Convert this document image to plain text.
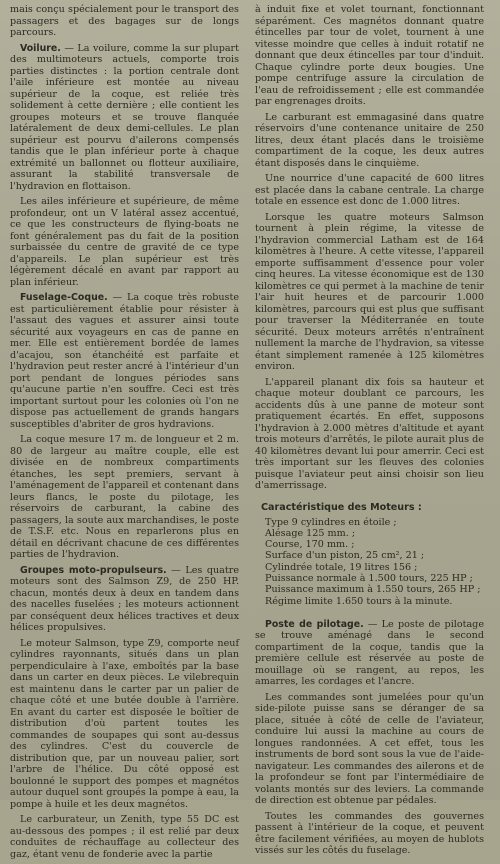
mais conçu spécialement pour le transport des passagers et des bagages sur de longs parcours.

Voilure. — La voilure, comme la sur plupart des multimoteurs actuels, comporte trois parties distinctes : la portion centrale dont l'aile inférieure est montée au niveau supérieur de la coque, est reliée très solidement à cette dernière ; elle contient les groupes moteurs et se trouve flanquée latéralement de deux demi-cellules. Le plan supérieur est pourvu d'ailerons compensés tandis que le plan inférieur porte à chaque extrémité un ballonnet ou flotteur auxiliaire, assurant la stabilité transversale de l'hydravion en flottaison.

Les ailes inférieure et supérieure, de même profondeur, ont un V latéral assez accentué, ce que les constructeurs de flying-boats ne font généralement pas du fait de la position surbaissée du centre de gravité de ce type d'appareils. Le plan supérieur est très légèrement décalé en avant par rapport au plan inférieur.

Fuselage-Coque. — La coque très robuste est particulièrement établie pour résister à l'assaut des vagues et assurer ainsi toute sécurité aux voyageurs en cas de panne en mer. Elle est entièrement bordée de lames d'acajou, son étanchéité est parfaite et l'hydravion peut rester ancré à l'intérieur d'un port pendant de longues périodes sans qu'aucune partie n'en souffre. Ceci est très important surtout pour les colonies où l'on ne dispose pas actuellement de grands hangars susceptibles d'abriter de gros hydravions.

La coque mesure 17 m. de longueur et 2 m. 80 de largeur au maître couple, elle est divisée en de nombreux compartiments étanches, les sept premiers, servant à l'aménagement de l'appareil et contenant dans leurs flancs, le poste du pilotage, les réservoirs de carburant, la cabine des passagers, la soute aux marchandises, le poste de T.S.F. etc. Nous en reparlerons plus en détail en décrivant chacune de ces différentes parties de l'hydravion.

Groupes moto-propulseurs. — Les quatre moteurs sont des Salmson Z9, de 250 HP. chacun, montés deux à deux en tandem dans des nacelles fuselées ; les moteurs actionnent par conséquent deux hélices tractives et deux hélices propulsives.

Le moteur Salmson, type Z9, comporte neuf cylindres rayonnants, situés dans un plan perpendiculaire à l'axe, emboîtés par la base dans un carter en deux pièces. Le vilebrequin est maintenu dans le carter par un palier de chaque côté et une butée double à l'arrière. En avant du carter est disposée le boîtier de distribution d'où partent toutes les commandes de soupapes qui sont au-dessus des cylindres. C'est du couvercle de distribution que, par un nouveau palier, sort l'arbre de l'hélice. Du côté opposé est boulonné le support des pompes et magnétos autour duquel sont groupés la pompe à eau, la pompe à huile et les deux magnétos.

Le carburateur, un Zenith, type 55 DC est au-dessous des pompes ; il est relié par deux conduites de réchauffage au collecteur des gaz, étant venu de fonderie avec la partie

à induit fixe et volet tournant, fonctionnant séparément. Ces magnétos donnant quatre étincelles par tour de volet, tournent à une vitesse moindre que celles à induit rotatif ne donnant que deux étincelles par tour d'induit. Chaque cylindre porte deux bougies. Une pompe centrifuge assure la circulation de l'eau de refroidissement ; elle est commandée par engrenages droits.

Le carburant est emmagasiné dans quatre réservoirs d'une contenance unitaire de 250 litres, deux étant placés dans le troisième compartiment de la coque, les deux autres étant disposés dans le cinquième.

Une nourrice d'une capacité de 600 litres est placée dans la cabane centrale. La charge totale en essence est donc de 1.000 litres.

Lorsque les quatre moteurs Salmson tournent à plein régime, la vitesse de l'hydravion commercial Latham est de 164 kilomètres à l'heure. A cette vitesse, l'appareil emporte suffisamment d'essence pour voler cinq heures. La vitesse économique est de 130 kilomètres ce qui permet à la machine de tenir l'air huit heures et de parcourir 1.000 kilomètres, parcours qui est plus que suffisant pour traverser la Méditerranée en toute sécurité. Deux moteurs arrêtés n'entraînent nullement la marche de l'hydravion, sa vitesse étant simplement ramenée à 125 kilomètres environ.

L'appareil planant dix fois sa hauteur et chaque moteur doublant ce parcours, les accidents dûs à une panne de moteur sont pratiquement écartés. En effet, supposons l'hydravion à 2.000 mètres d'altitude et ayant trois moteurs d'arrêtés, le pilote aurait plus de 40 kilomètres devant lui pour amerrir. Ceci est très important sur les fleuves des colonies puisque l'aviateur peut ainsi choisir son lieu d'amerrissage.

Caractéristique des Moteurs :
Type 9 cylindres en étoile ;
Alésage 125 mm. ;
Course, 170 mm. ;
Surface d'un piston, 25 cm², 21 ;
Cylindrée totale, 19 litres 156 ;
Puissance normale à 1.500 tours, 225 HP ;
Puissance maximum à 1.550 tours, 265 HP ;
Régime limite 1.650 tours à la minute.

Poste de pilotage. — Le poste de pilotage se trouve aménagé dans le second compartiment de la coque, tandis que la première cellule est réservée au poste de mouillage où se rangent, au repos, les amarres, les cordages et l'ancre.

Les commandes sont jumelées pour qu'un side-pilote puisse sans se déranger de sa place, située à côté de celle de l'aviateur, conduire lui aussi la machine au cours de longues randonnées. A cet effet, tous les instruments de bord sont sous la vue de l'aide-navigateur. Les commandes des ailerons et de la profondeur se font par l'intermédiaire de volants montés sur des leviers. La commande de direction est obtenue par pédales.

Toutes les commandes des gouvernes passent à l'intérieur de la coque, et peuvent être facilement vérifiées, au moyen de hublots vissés sur les côtés du fuselage.
